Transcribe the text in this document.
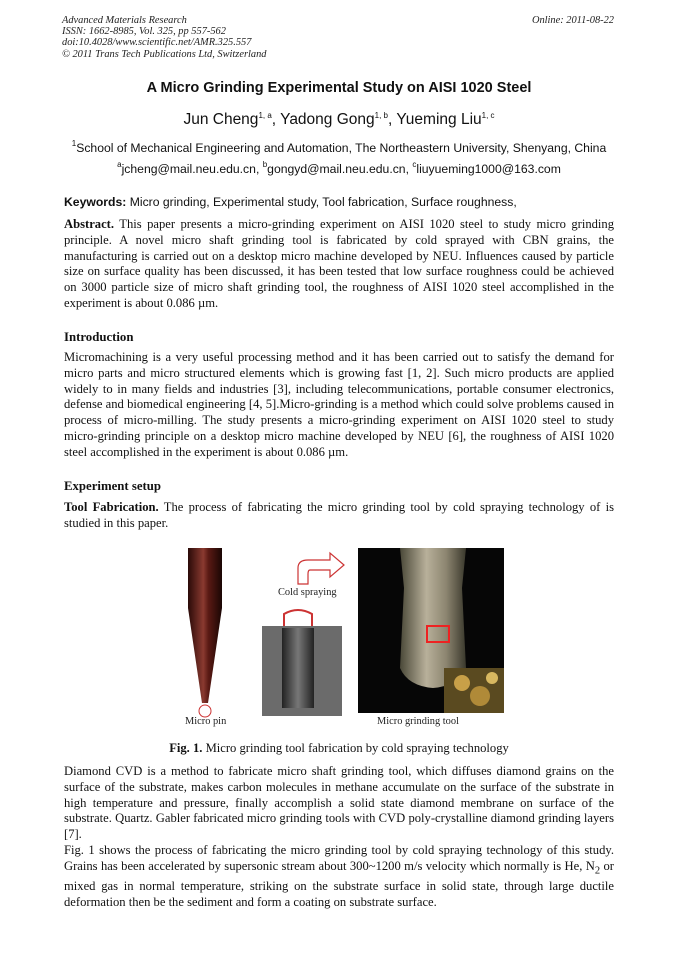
Advanced Materials Research
ISSN: 1662-8985, Vol. 325, pp 557-562
doi:10.4028/www.scientific.net/AMR.325.557
© 2011 Trans Tech Publications Ltd, Switzerland
Online: 2011-08-22
A Micro Grinding Experimental Study on AISI 1020 Steel
Jun Cheng$^{1, a}$, Yadong Gong$^{1, b}$, Yueming Liu$^{1, c}$
$^1$School of Mechanical Engineering and Automation, The Northeastern University, Shenyang, China
$^a$jcheng@mail.neu.edu.cn, $^b$gongyd@mail.neu.edu.cn, $^c$liuyueming1000@163.com
Keywords: Micro grinding, Experimental study, Tool fabrication, Surface roughness,
Abstract. This paper presents a micro-grinding experiment on AISI 1020 steel to study micro grinding principle. A novel micro shaft grinding tool is fabricated by cold sprayed with CBN grains, the manufacturing is carried out on a desktop micro machine developed by NEU. Influences caused by particle size on surface quality has been discussed, it has been tested that low surface roughness could be achieved on 3000 particle size of micro shaft grinding tool, the roughness of AISI 1020 steel accomplished in the experiment is about 0.086 µm.
Introduction
Micromachining is a very useful processing method and it has been carried out to satisfy the demand for micro parts and micro structured elements which is growing fast [1, 2]. Such micro products are applied widely to in many fields and industries [3], including telecommunications, portable consumer electronics, defense and biomedical engineering [4, 5].Micro-grinding is a method which could solve problems caused in process of micro-milling. The study presents a micro-grinding experiment on AISI 1020 steel to study micro-grinding principle on a desktop micro machine developed by NEU [6], the roughness of AISI 1020 steel accomplished in the experiment is about 0.086 µm.
Experiment setup
Tool Fabrication. The process of fabricating the micro grinding tool by cold spraying technology of is studied in this paper.
Cold spraying
Micro pin	Micro grinding tool
Fig. 1. Micro grinding tool fabrication by cold spraying technology
Diamond CVD is a method to fabricate micro shaft grinding tool, which diffuses diamond grains on the surface of the substrate, makes carbon molecules in methane accumulate on the surface of the substrate in high temperature and pressure, finally accomplish a solid state diamond membrane on surface of the substrate. Quartz. Gabler fabricated micro grinding tools with CVD poly-crystalline diamond grinding layers [7].
Fig. 1 shows the process of fabricating the micro grinding tool by cold spraying technology of this study. Grains has been accelerated by supersonic stream about 300~1200 m/s velocity which normally is He, $N_2$ or mixed gas in normal temperature, striking on the substrate surface in solid state, through large ductile deformation then be the sediment and form a coating on substrate surface.
